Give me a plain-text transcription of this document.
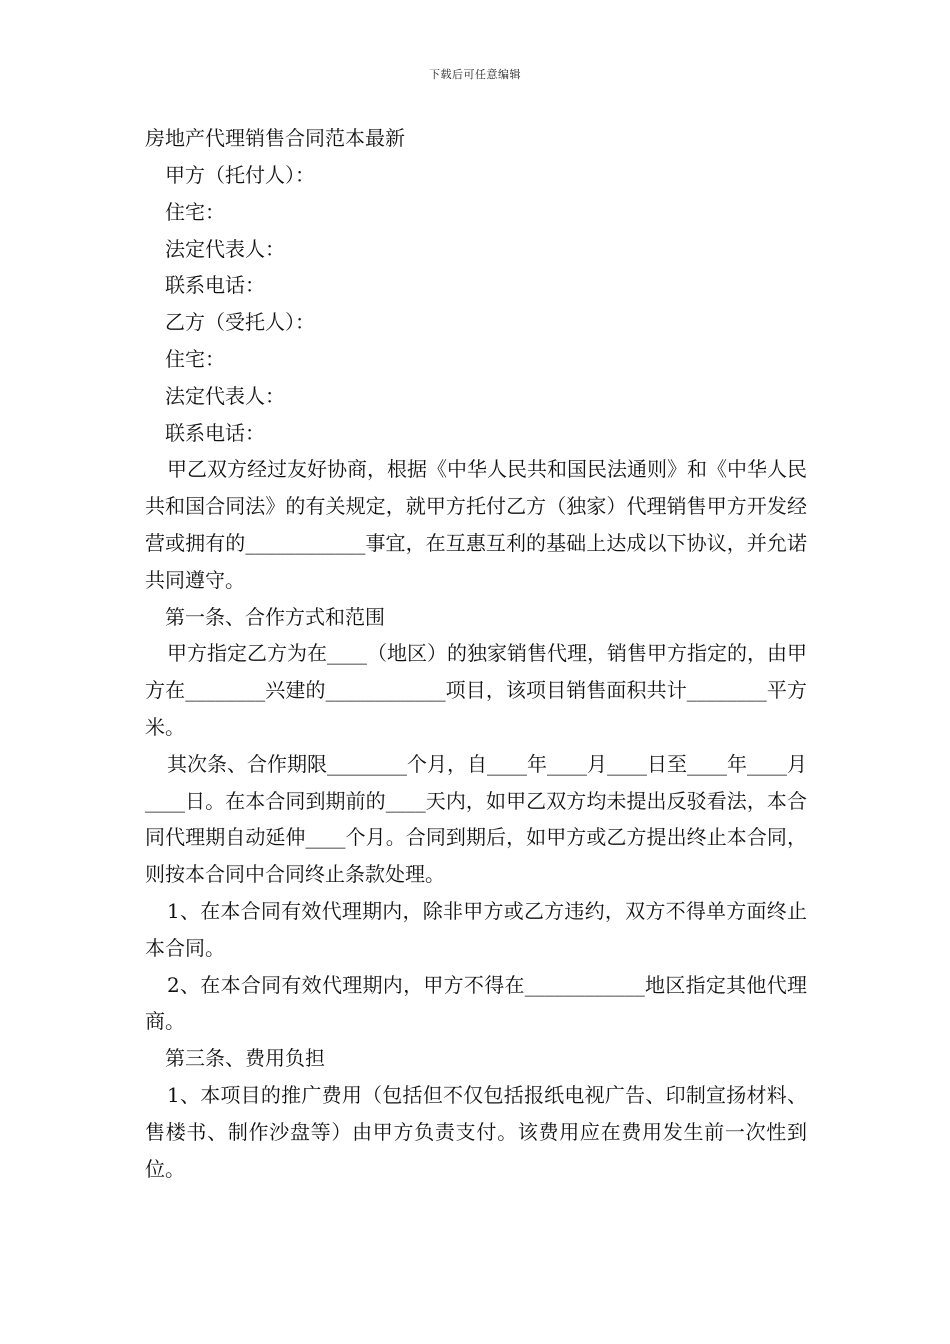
下载后可任意编辑
房地产代理销售合同范本最新
甲方（托付人）：
住宅：
法定代表人：
联系电话：
乙方（受托人）：
住宅：
法定代表人：
联系电话：

甲乙双方经过友好协商，根据《中华人民共和国民法通则》和《中华人民共和国合同法》的有关规定，就甲方托付乙方（独家）代理销售甲方开发经营或拥有的____________事宜，在互惠互利的基础上达成以下协议，并允诺共同遵守。

第一条、合作方式和范围

甲方指定乙方为在____（地区）的独家销售代理，销售甲方指定的，由甲方在________兴建的____________项目，该项目销售面积共计________平方米。

其次条、合作期限________个月，自____年____月____日至____年____月____日。在本合同到期前的____天内，如甲乙双方均未提出反驳看法，本合同代理期自动延伸____个月。合同到期后，如甲方或乙方提出终止本合同，则按本合同中合同终止条款处理。

1、在本合同有效代理期内，除非甲方或乙方违约，双方不得单方面终止本合同。

2、在本合同有效代理期内，甲方不得在____________地区指定其他代理商。

第三条、费用负担

1、本项目的推广费用（包括但不仅包括报纸电视广告、印制宣扬材料、售楼书、制作沙盘等）由甲方负责支付。该费用应在费用发生前一次性到位。
